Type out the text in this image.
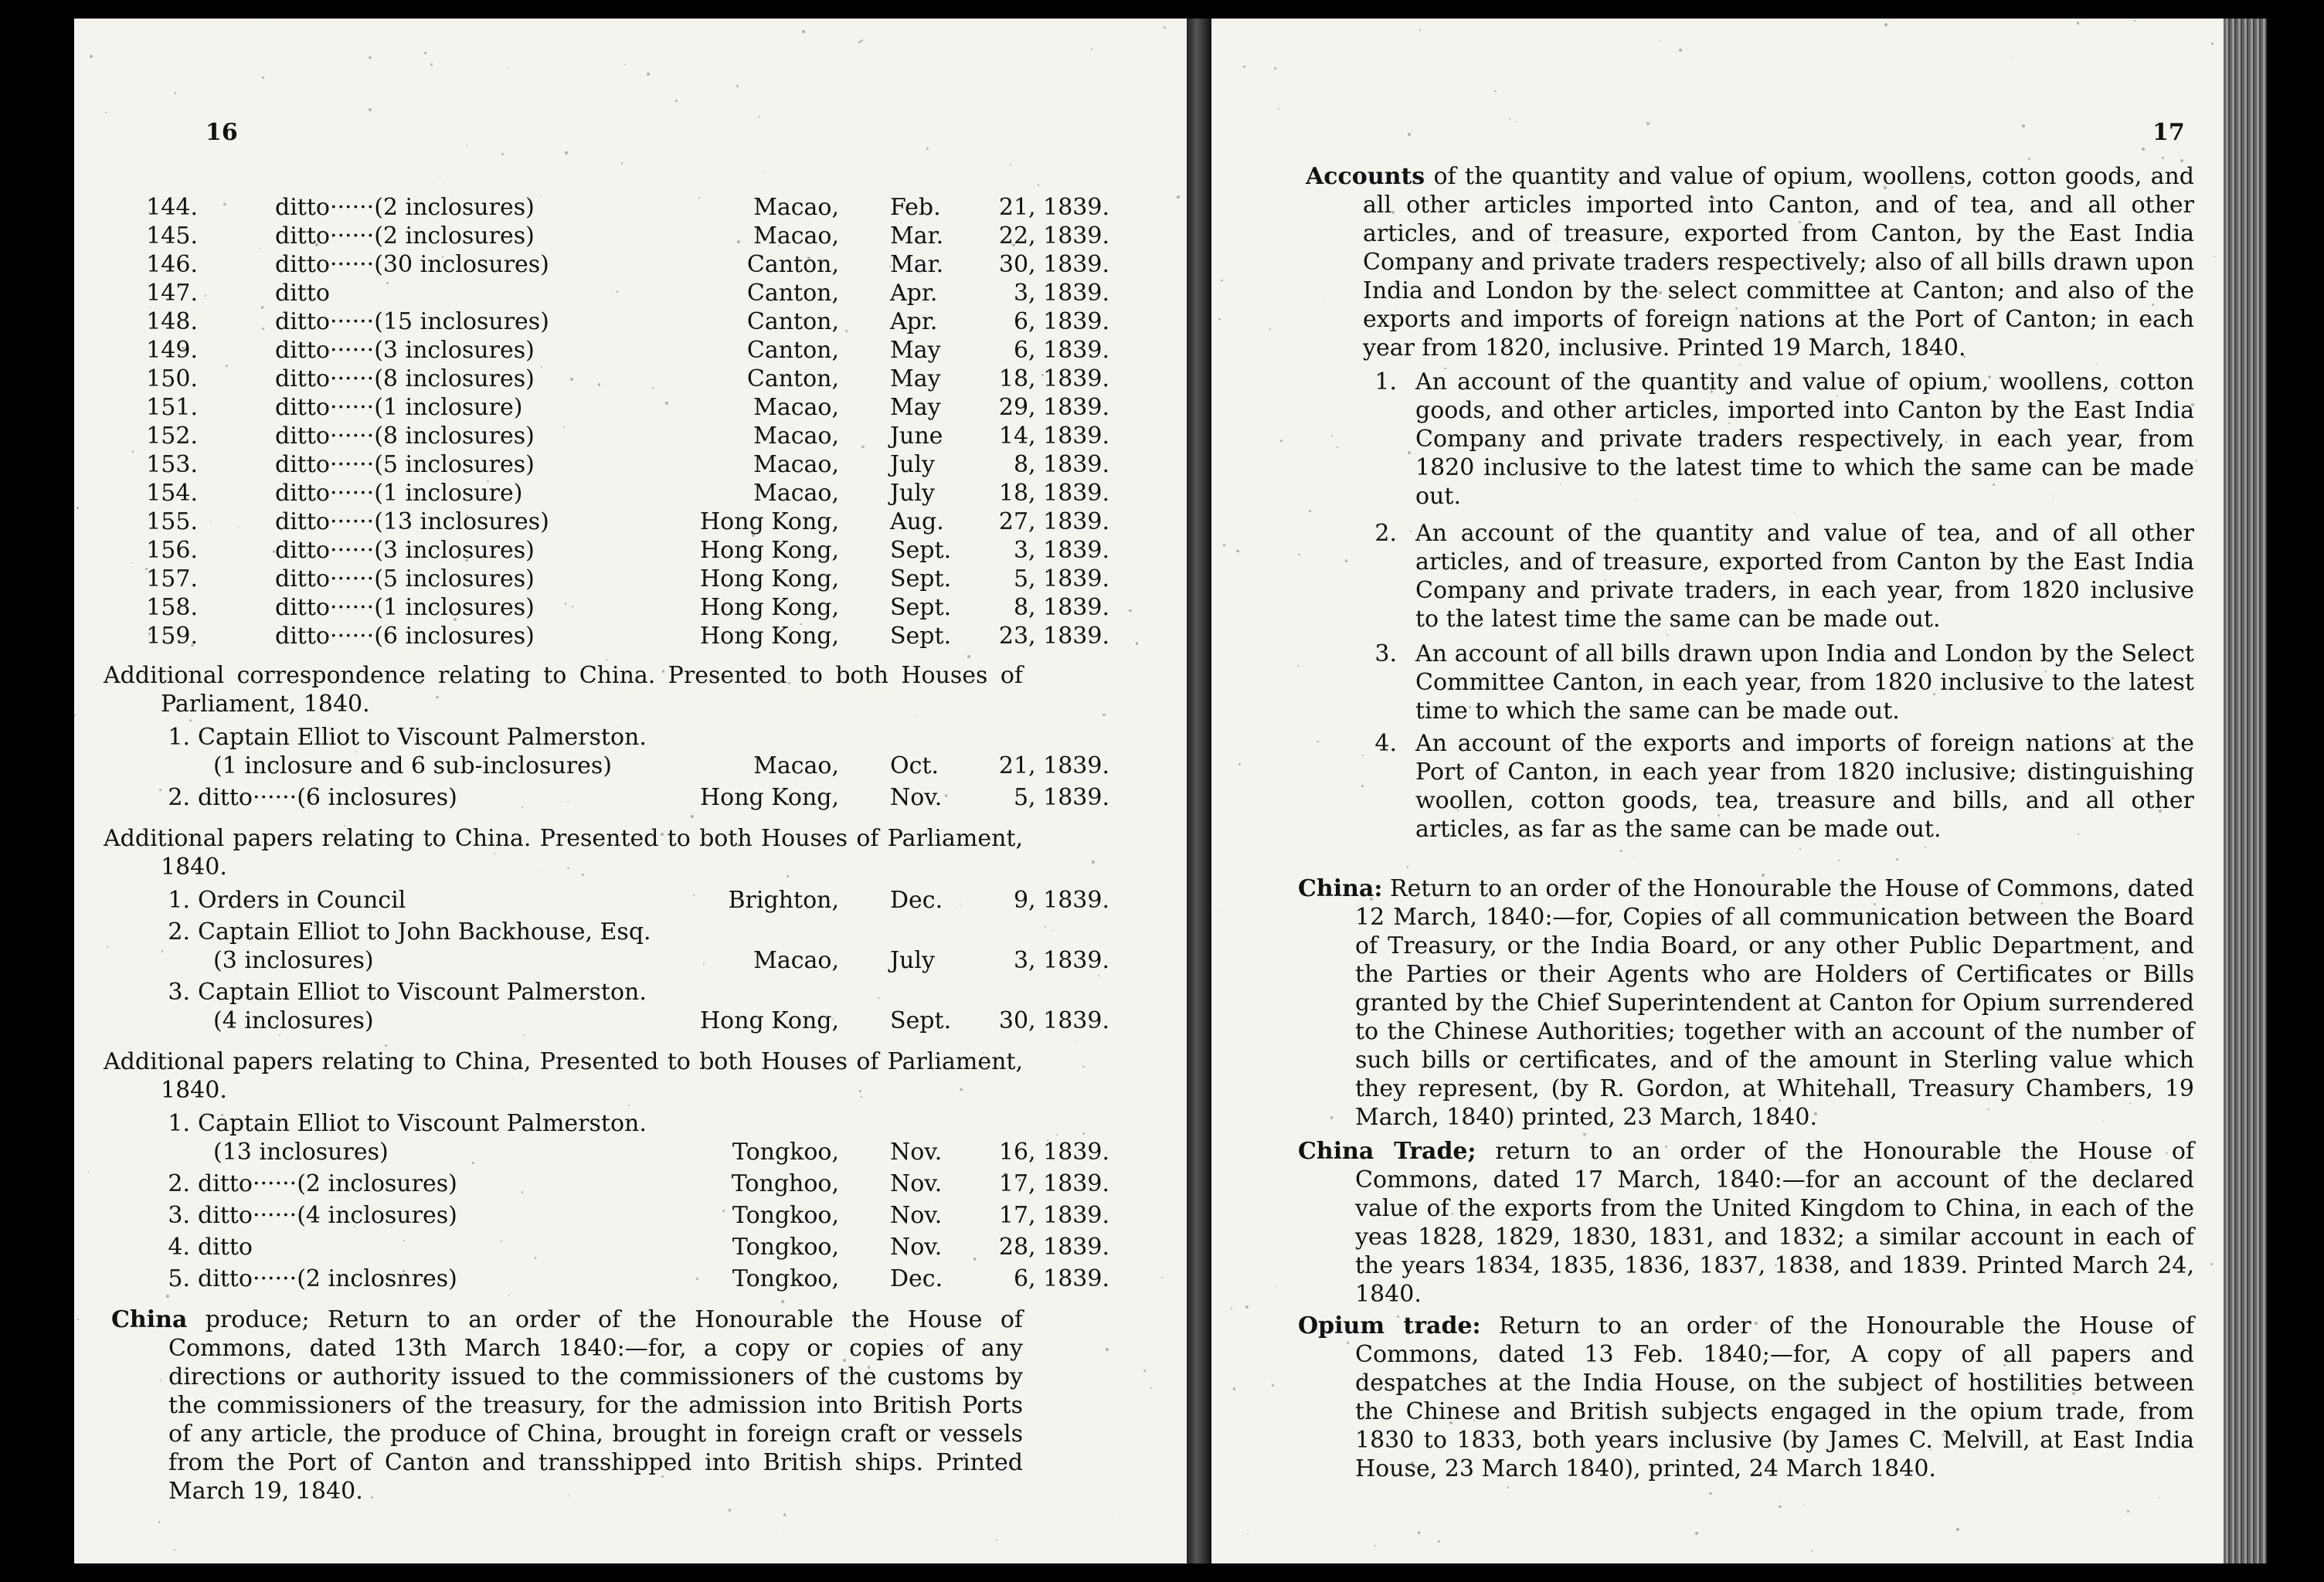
16
144.	ditto······(2 inclosures)	Macao, Feb.	21, 1839.
145.	ditto······(2 inclosures)	Macao, Mar.	22, 1839.
146.	ditto······(30 inclosures)	Canton, Mar.	30, 1839.
147.	ditto	Canton, Apr.	3, 1839.
148.	ditto······(15 inclosures)	Canton, Apr.	6, 1839.
149.	ditto······(3 inclosures)	Canton, May	6, 1839.
150.	ditto······(8 inclosures)	Canton, May	18, 1839.
151.	ditto······(1 inclosure)	Macao, May	29, 1839.
152.	ditto······(8 inclosures)	Macao, June	14, 1839.
153.	ditto······(5 inclosures)	Macao, July	8, 1839.
154.	ditto······(1 inclosure)	Macao, July	18, 1839.
155.	ditto······(13 inclosures)	Hong Kong, Aug.	27, 1839.
156.	ditto······(3 inclosures)	Hong Kong, Sept.	3, 1839.
157.	ditto······(5 inclosures)	Hong Kong, Sept.	5, 1839.
158.	ditto······(1 inclosures)	Hong Kong, Sept.	8, 1839.
159.	ditto······(6 inclosures)	Hong Kong, Sept.	23, 1839.
Additional correspondence relating to China. Presented to both Houses of Parliament, 1840.
1. Captain Elliot to Viscount Palmerston.
(1 inclosure and 6 sub-inclosures)	Macao, Oct.	21, 1839.
2. ditto······(6 inclosures)	Hong Kong, Nov.	5, 1839.
Additional papers relating to China. Presented to both Houses of Parliament, 1840.
1. Orders in Council	Brighton, Dec.	9, 1839.
2. Captain Elliot to John Backhouse, Esq.
(3 inclosures)	Macao, July	3, 1839.
3. Captain Elliot to Viscount Palmerston.
(4 inclosures)	Hong Kong, Sept.	30, 1839.
Additional papers relating to China, Presented to both Houses of Parliament, 1840.
1. Captain Elliot to Viscount Palmerston.
(13 inclosures)	Tongkoo, Nov.	16, 1839.
2. ditto······(2 inclosures)	Tonghoo, Nov.	17, 1839.
3. ditto······(4 inclosures)	Tongkoo, Nov.	17, 1839.
4. ditto	Tongkoo, Nov.	28, 1839.
5. ditto······(2 inclosnres)	Tongkoo, Dec.	6, 1839.
China produce; Return to an order of the Honourable the House of Commons, dated 13th March 1840:—for, a copy or copies of any directions or authority issued to the commissioners of the customs by the commissioners of the treasury, for the admission into British Ports of any article, the produce of China, brought in foreign craft or vessels from the Port of Canton and transshipped into British ships. Printed March 19, 1840.
17
Accounts of the quantity and value of opium, woollens, cotton goods, and all other articles imported into Canton, and of tea, and all other articles, and of treasure, exported from Canton, by the East India Company and private traders respectively; also of all bills drawn upon India and London by the select committee at Canton; and also of the exports and imports of foreign nations at the Port of Canton; in each year from 1820, inclusive. Printed 19 March, 1840.
1. An account of the quantity and value of opium, woollens, cotton goods, and other articles, imported into Canton by the East India Company and private traders respectively, in each year, from 1820 inclusive to the latest time to which the same can be made out.
2. An account of the quantity and value of tea, and of all other articles, and of treasure, exported from Canton by the East India Company and private traders, in each year, from 1820 inclusive to the latest time the same can be made out.
3. An account of all bills drawn upon India and London by the Select Committee Canton, in each year, from 1820 inclusive to the latest time to which the same can be made out.
4. An account of the exports and imports of foreign nations at the Port of Canton, in each year from 1820 inclusive; distinguishing woollen, cotton goods, tea, treasure and bills, and all other articles, as far as the same can be made out.
China: Return to an order of the Honourable the House of Commons, dated 12 March, 1840:—for, Copies of all communication between the Board of Treasury, or the India Board, or any other Public Department, and the Parties or their Agents who are Holders of Certificates or Bills granted by the Chief Superintendent at Canton for Opium surrendered to the Chinese Authorities; together with an account of the number of such bills or certificates, and of the amount in Sterling value which they represent, (by R. Gordon, at Whitehall, Treasury Chambers, 19 March, 1840) printed, 23 March, 1840.
China Trade; return to an order of the Honourable the House of Commons, dated 17 March, 1840:—for an account of the declared value of the exports from the United Kingdom to China, in each of the yeas 1828, 1829, 1830, 1831, and 1832; a similar account in each of the years 1834, 1835, 1836, 1837, 1838, and 1839. Printed March 24, 1840.
Opium trade: Return to an order of the Honourable the House of Commons, dated 13 Feb. 1840;—for, A copy of all papers and despatches at the India House, on the subject of hostilities between the Chinese and British subjects engaged in the opium trade, from 1830 to 1833, both years inclusive (by James C. Melvill, at East India House, 23 March 1840), printed, 24 March 1840.
